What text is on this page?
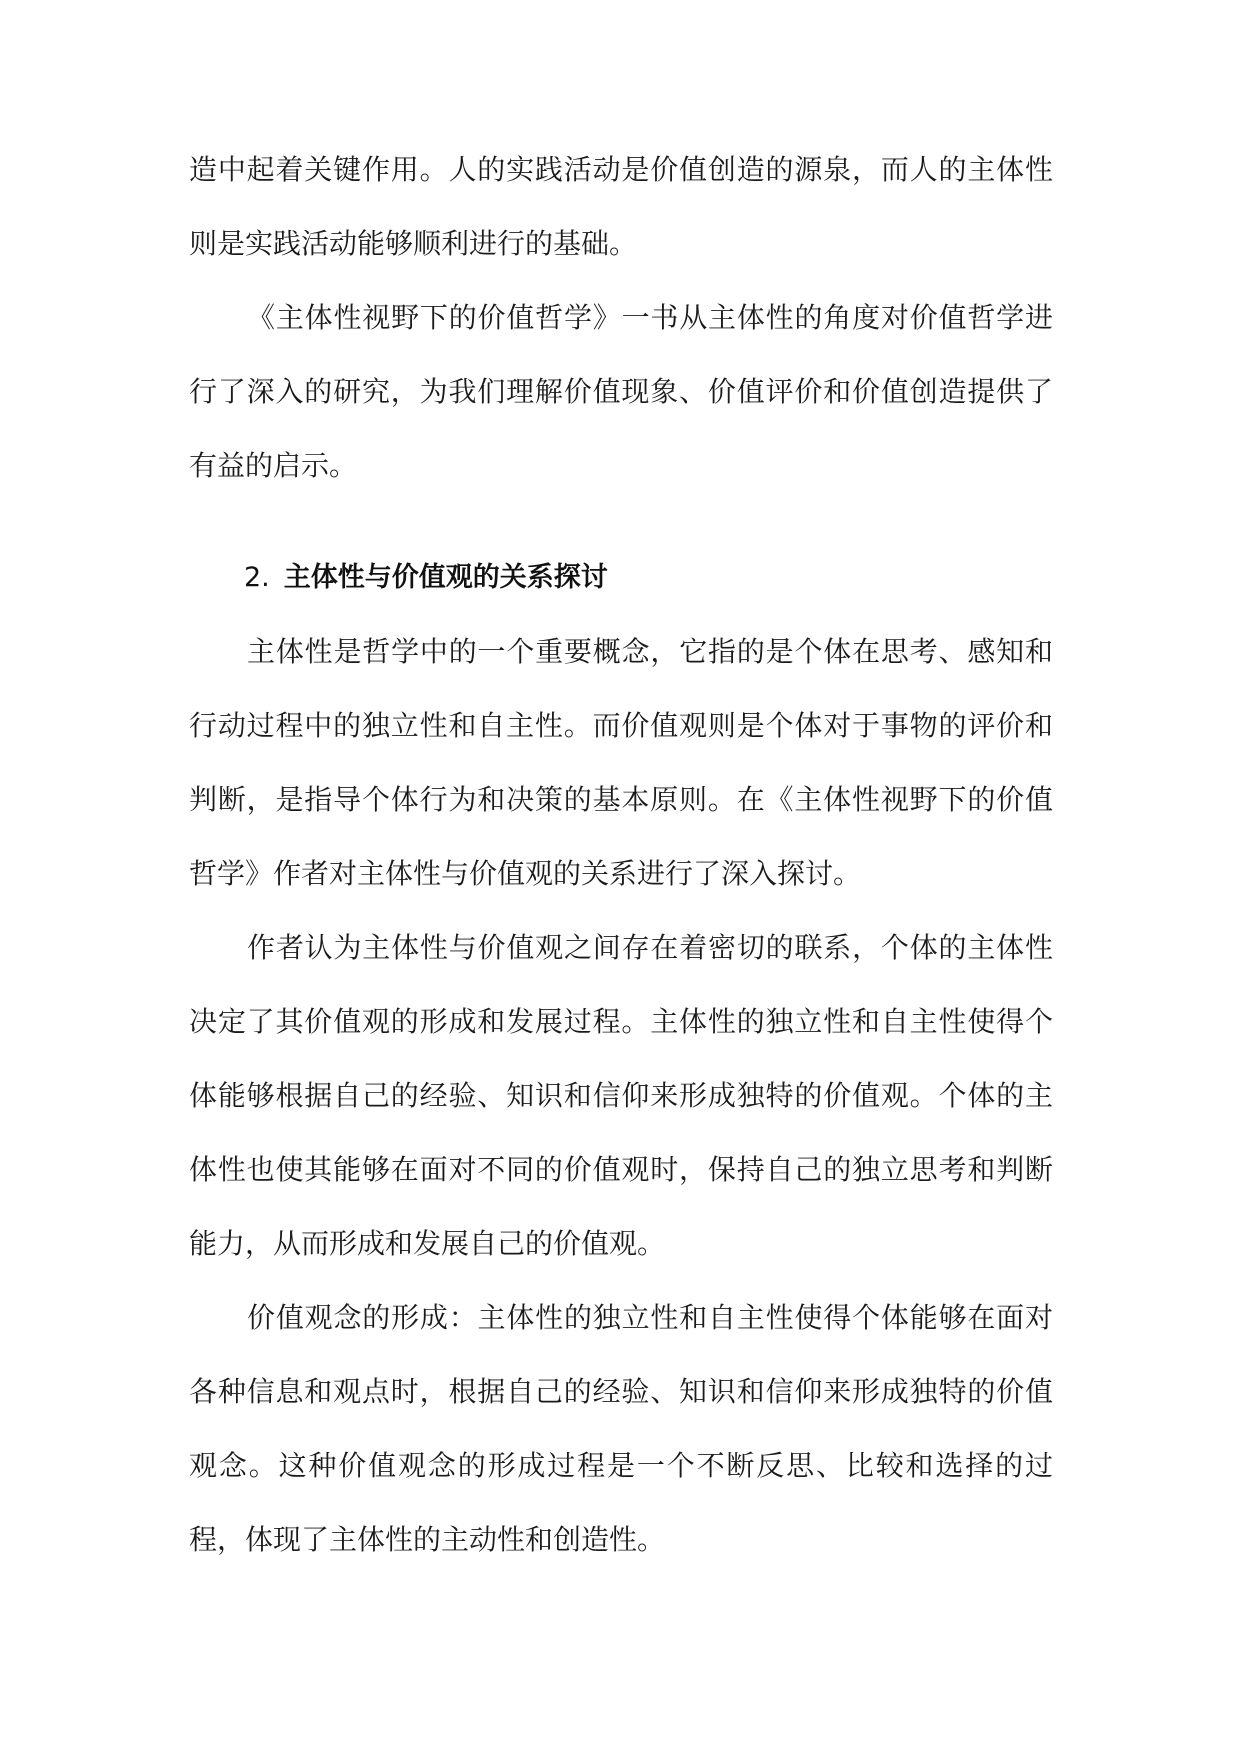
造中起着关键作用。人的实践活动是价值创造的源泉，而人的主体性则是实践活动能够顺利进行的基础。

《主体性视野下的价值哲学》一书从主体性的角度对价值哲学进行了深入的研究，为我们理解价值现象、价值评价和价值创造提供了有益的启示。

2. 主体性与价值观的关系探讨

主体性是哲学中的一个重要概念，它指的是个体在思考、感知和行动过程中的独立性和自主性。而价值观则是个体对于事物的评价和判断，是指导个体行为和决策的基本原则。在《主体性视野下的价值哲学》作者对主体性与价值观的关系进行了深入探讨。

作者认为主体性与价值观之间存在着密切的联系，个体的主体性决定了其价值观的形成和发展过程。主体性的独立性和自主性使得个体能够根据自己的经验、知识和信仰来形成独特的价值观。个体的主体性也使其能够在面对不同的价值观时，保持自己的独立思考和判断能力，从而形成和发展自己的价值观。

价值观念的形成：主体性的独立性和自主性使得个体能够在面对各种信息和观点时，根据自己的经验、知识和信仰来形成独特的价值观念。这种价值观念的形成过程是一个不断反思、比较和选择的过程，体现了主体性的主动性和创造性。
